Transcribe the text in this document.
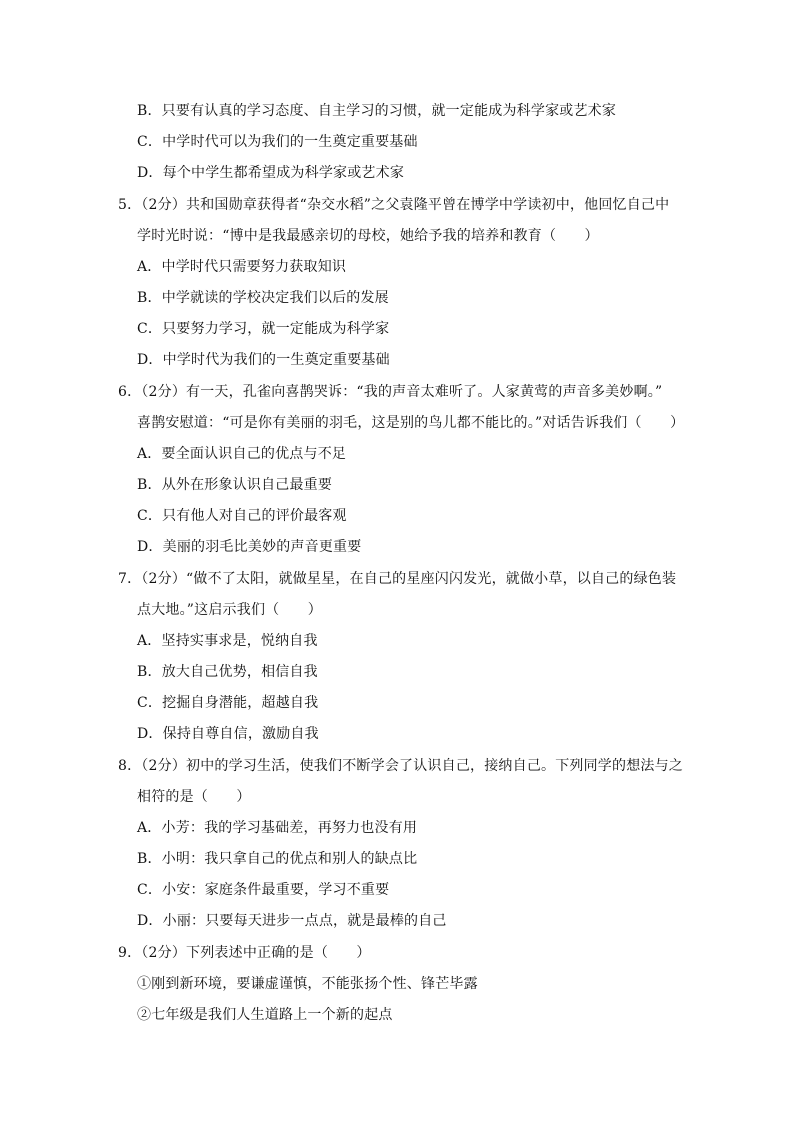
B．只要有认真的学习态度、自主学习的习惯，就一定能成为科学家或艺术家
C．中学时代可以为我们的一生奠定重要基础
D．每个中学生都希望成为科学家或艺术家
5．（2分）共和国勋章获得者“杂交水稻”之父袁隆平曾在博学中学读初中，他回忆自己中
学时光时说：“博中是我最感亲切的母校，她给予我的培养和教育（　　）
A．中学时代只需要努力获取知识
B．中学就读的学校决定我们以后的发展
C．只要努力学习，就一定能成为科学家
D．中学时代为我们的一生奠定重要基础
6．（2分）有一天，孔雀向喜鹊哭诉：“我的声音太难听了。人家黄莺的声音多美妙啊。”
喜鹊安慰道：“可是你有美丽的羽毛，这是别的鸟儿都不能比的。”对话告诉我们（　　）
A．要全面认识自己的优点与不足
B．从外在形象认识自己最重要
C．只有他人对自己的评价最客观
D．美丽的羽毛比美妙的声音更重要
7．（2分）“做不了太阳，就做星星，在自己的星座闪闪发光，就做小草，以自己的绿色装
点大地。”这启示我们（　　）
A．坚持实事求是，悦纳自我
B．放大自己优势，相信自我
C．挖掘自身潜能，超越自我
D．保持自尊自信，激励自我
8．（2分）初中的学习生活，使我们不断学会了认识自己，接纳自己。下列同学的想法与之
相符的是（　　）
A．小芳：我的学习基础差，再努力也没有用
B．小明：我只拿自己的优点和别人的缺点比
C．小安：家庭条件最重要，学习不重要
D．小丽：只要每天进步一点点，就是最棒的自己
9．（2分）下列表述中正确的是（　　）
①刚到新环境，要谦虚谨慎，不能张扬个性、锋芒毕露
②七年级是我们人生道路上一个新的起点
